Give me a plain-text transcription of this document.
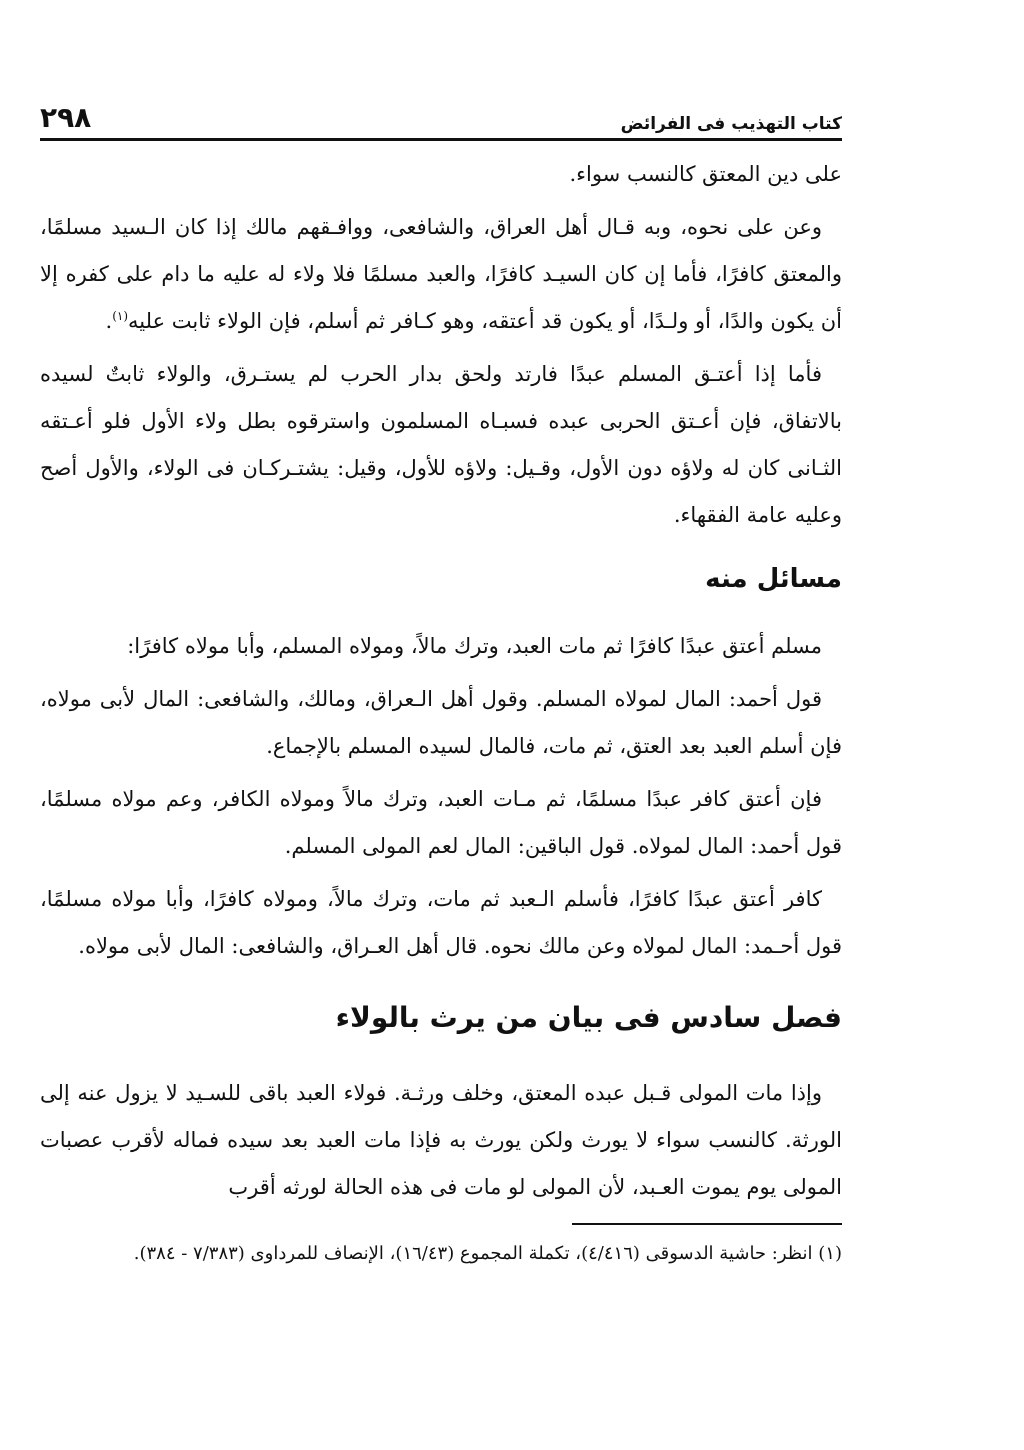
كتاب التهذيب فى الفرائض
٢٩٨

على دين المعتق كالنسب سواء.

وعن على نحوه، وبه قـال أهل العراق، والشافعى، ووافـقهم مالك إذا كان الـسيد مسلمًا، والمعتق كافرًا، فأما إن كان السيـد كافرًا، والعبد مسلمًا فلا ولاء له عليه ما دام على كفره إلا أن يكون والدًا، أو ولـدًا، أو يكون قد أعتقه، وهو كـافر ثم أسلم، فإن الولاء ثابت عليه$^{(١)}$.

فأما إذا أعتـق المسلم عبدًا فارتد ولحق بدار الحرب لم يستـرق، والولاء ثابتٌ لسيده بالاتفاق، فإن أعـتق الحربى عبده فسبـاه المسلمون واسترقوه بطل ولاء الأول فلو أعـتقه الثـانى كان له ولاؤه دون الأول، وقـيل: ولاؤه للأول، وقيل: يشتـركـان فى الولاء، والأول أصح وعليه عامة الفقهاء.

مسائل منه

مسلم أعتق عبدًا كافرًا ثم مات العبد، وترك مالاً، ومولاه المسلم، وأبا مولاه كافرًا:

قول أحمد: المال لمولاه المسلم. وقول أهل الـعراق، ومالك، والشافعى: المال لأبى مولاه، فإن أسلم العبد بعد العتق، ثم مات، فالمال لسيده المسلم بالإجماع.

فإن أعتق كافر عبدًا مسلمًا، ثم مـات العبد، وترك مالاً ومولاه الكافر، وعم مولاه مسلمًا، قول أحمد: المال لمولاه. قول الباقين: المال لعم المولى المسلم.

كافر أعتق عبدًا كافرًا، فأسلم الـعبد ثم مات، وترك مالاً، ومولاه كافرًا، وأبا مولاه مسلمًا، قول أحـمد: المال لمولاه وعن مالك نحوه. قال أهل العـراق، والشافعى: المال لأبى مولاه.

فصل سادس فى بيان من يرث بالولاء

وإذا مات المولى قـبل عبده المعتق، وخلف ورثـة. فولاء العبد باقى للسـيد لا يزول عنه إلى الورثة. كالنسب سواء لا يورث ولكن يورث به فإذا مات العبد بعد سيده فماله لأقرب عصبات المولى يوم يموت العـبد، لأن المولى لو مات فى هذه الحالة لورثه أقرب

(١) انظر: حاشية الدسوقى (٤/٤١٦)، تكملة المجموع (١٦/٤٣)، الإنصاف للمرداوى (٧/٣٨٣ - ٣٨٤).
